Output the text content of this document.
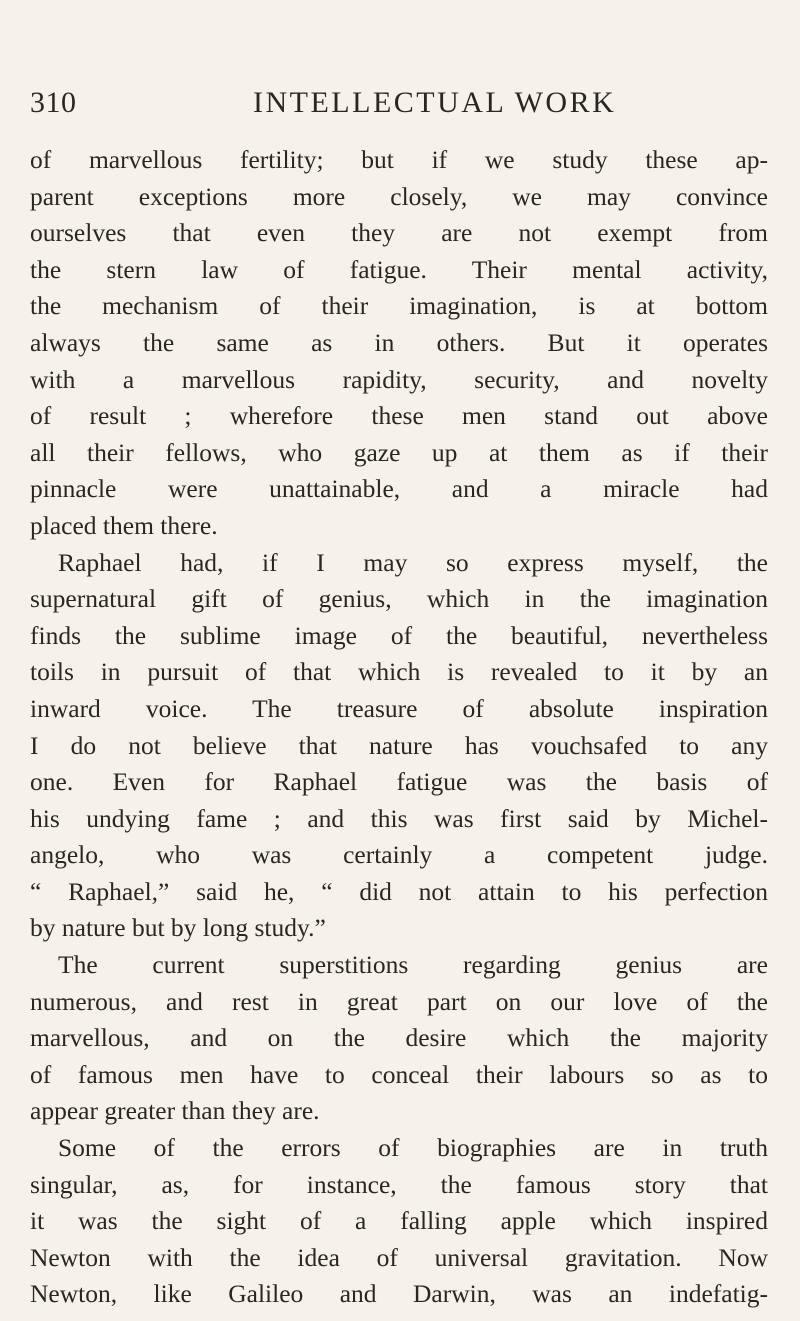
310	INTELLECTUAL WORK
of marvellous fertility; but if we study these ap-
parent exceptions more closely, we may convince
ourselves that even they are not exempt from
the stern law of fatigue. Their mental activity,
the mechanism of their imagination, is at bottom
always the same as in others. But it operates
with a marvellous rapidity, security, and novelty
of result ; wherefore these men stand out above
all their fellows, who gaze up at them as if their
pinnacle were unattainable, and a miracle had
placed them there.
Raphael had, if I may so express myself, the
supernatural gift of genius, which in the imagination
finds the sublime image of the beautiful, nevertheless
toils in pursuit of that which is revealed to it by an
inward voice. The treasure of absolute inspiration
I do not believe that nature has vouchsafed to any
one. Even for Raphael fatigue was the basis of
his undying fame ; and this was first said by Michel-
angelo, who was certainly a competent judge.
“ Raphael,” said he, “ did not attain to his perfection
by nature but by long study.”
The current superstitions regarding genius are
numerous, and rest in great part on our love of the
marvellous, and on the desire which the majority
of famous men have to conceal their labours so as to
appear greater than they are.
Some of the errors of biographies are in truth
singular, as, for instance, the famous story that
it was the sight of a falling apple which inspired
Newton with the idea of universal gravitation. Now
Newton, like Galileo and Darwin, was an indefatig-
